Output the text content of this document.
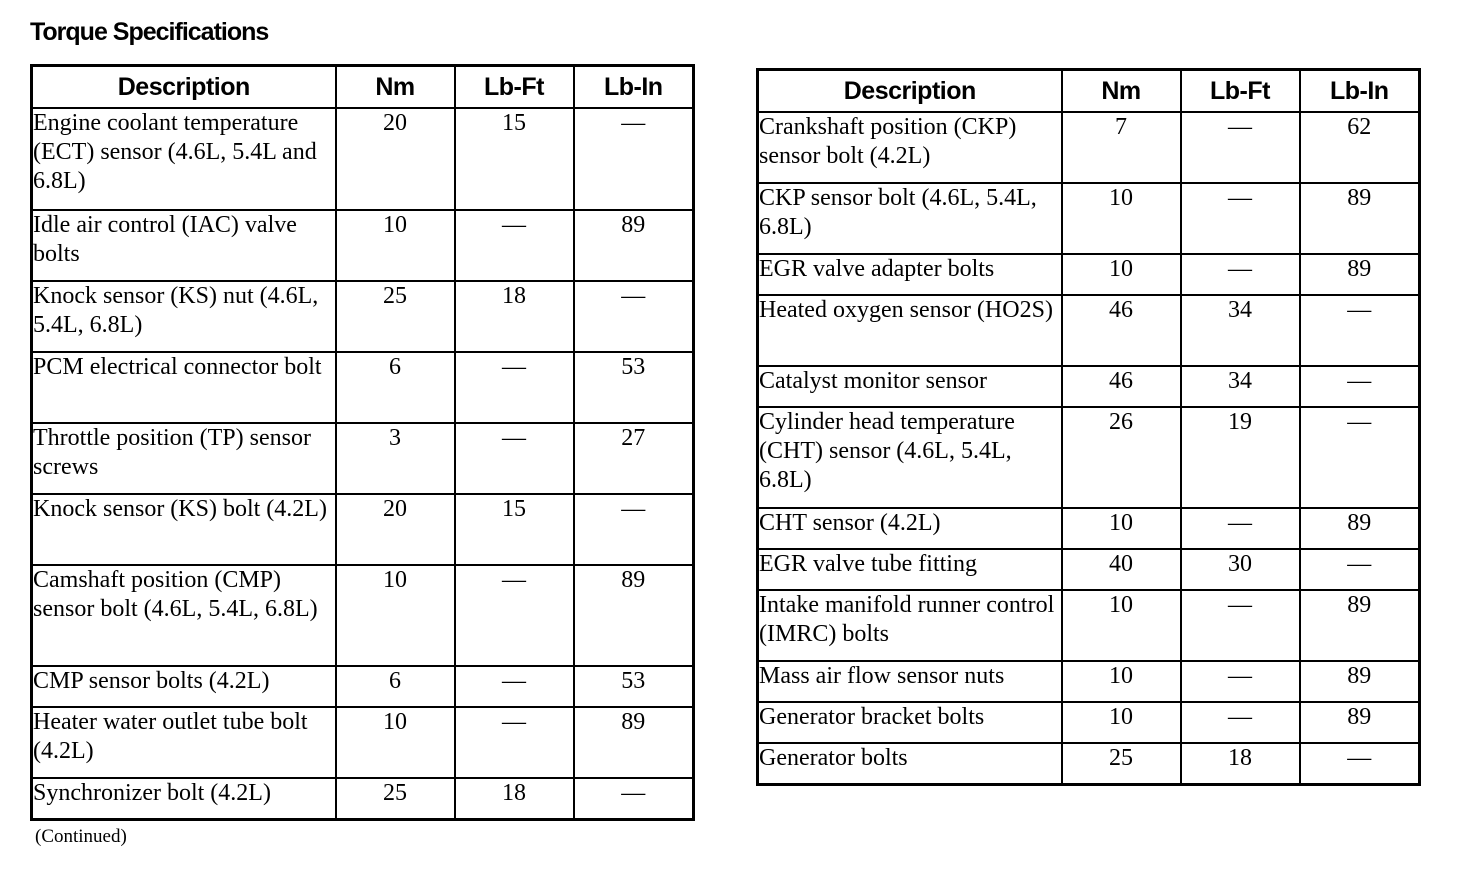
Torque Specifications
Description	Nm	Lb-Ft	Lb-In
Engine coolant temperature (ECT) sensor (4.6L, 5.4L and 6.8L)	20	15	—
Idle air control (IAC) valve bolts	10	—	89
Knock sensor (KS) nut (4.6L, 5.4L, 6.8L)	25	18	—
PCM electrical connector bolt	6	—	53
Throttle position (TP) sensor screws	3	—	27
Knock sensor (KS) bolt (4.2L)	20	15	—
Camshaft position (CMP) sensor bolt (4.6L, 5.4L, 6.8L)	10	—	89
CMP sensor bolts (4.2L)	6	—	53
Heater water outlet tube bolt (4.2L)	10	—	89
Synchronizer bolt (4.2L)	25	18	—
Description	Nm	Lb-Ft	Lb-In
Crankshaft position (CKP) sensor bolt (4.2L)	7	—	62
CKP sensor bolt (4.6L, 5.4L, 6.8L)	10	—	89
EGR valve adapter bolts	10	—	89
Heated oxygen sensor (HO2S)	46	34	—
Catalyst monitor sensor	46	34	—
Cylinder head temperature (CHT) sensor (4.6L, 5.4L, 6.8L)	26	19	—
CHT sensor (4.2L)	10	—	89
EGR valve tube fitting	40	30	—
Intake manifold runner control (IMRC) bolts	10	—	89
Mass air flow sensor nuts	10	—	89
Generator bracket bolts	10	—	89
Generator bolts	25	18	—
(Continued)
